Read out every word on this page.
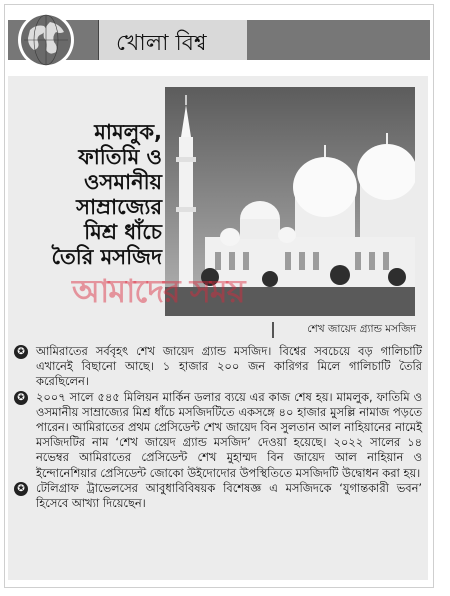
খোলা বিশ্ব
মামলুক,
ফাতিমি ও
ওসমানীয়
সাম্রাজ্যের
মিশ্র ধাঁচে
তৈরি মসজিদ
আমাদের সময়
শেখ জায়েদ গ্র্যান্ড মসজিদ
✪ আমিরাতের সর্ববৃহৎ শেখ জায়েদ গ্র্যান্ড মসজিদ। বিশ্বের সবচেয়ে বড় গালিচাটি এখানেই বিছানো আছে। ১ হাজার ২০০ জন কারিগর মিলে গালিচাটি তৈরি করেছিলেন।
✪ ২০০৭ সালে ৫৪৫ মিলিয়ন মার্কিন ডলার ব্যয়ে এর কাজ শেষ হয়। মামলুক, ফাতিমি ও ওসমানীয় সাম্রাজ্যের মিশ্র ধাঁচে মসজিদটিতে একসঙ্গে ৪০ হাজার মুসল্লি নামাজ পড়তে পারেন। আমিরাতের প্রথম প্রেসিডেন্ট শেখ জায়েদ বিন সুলতান আল নাহিয়ানের নামেই মসজিদটির নাম ‘শেখ জায়েদ গ্র্যান্ড মসজিদ’ দেওয়া হয়েছে। ২০২২ সালের ১৪ নভেম্বর আমিরাতের প্রেসিডেন্ট শেখ মুহাম্মদ বিন জায়েদ আল নাহিয়ান ও ইন্দোনেশিয়ার প্রেসিডেন্ট জোকো উইদোদোর উপস্থিতিতে মসজিদটি উদ্বোধন করা হয়।
✪ টেলিগ্রাফ ট্রাভেলসের আবুধাবিবিষয়ক বিশেষজ্ঞ এ মসজিদকে ‘যুগান্তকারী ভবন’ হিসেবে আখ্যা দিয়েছেন।
